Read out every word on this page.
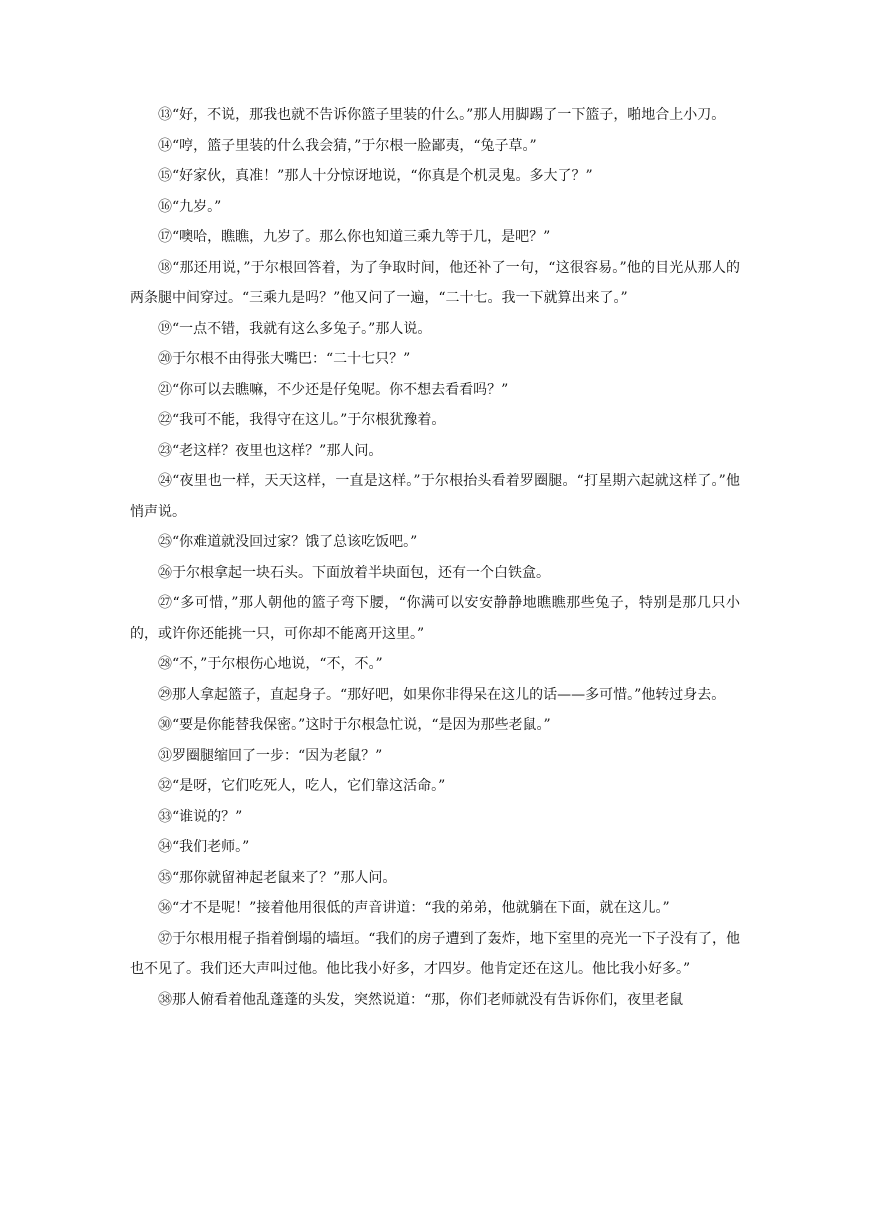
⑬“好，不说，那我也就不告诉你篮子里装的什么。”那人用脚踢了一下篮子，啪地合上小刀。

⑭“哼，篮子里装的什么我会猜，”于尔根一脸鄙夷，“兔子草。”

⑮“好家伙，真准！”那人十分惊讶地说，“你真是个机灵鬼。多大了？”

⑯“九岁。”

⑰“噢哈，瞧瞧，九岁了。那么你也知道三乘九等于几，是吧？”

⑱“那还用说，”于尔根回答着，为了争取时间，他还补了一句，“这很容易。”他的目光从那人的两条腿中间穿过。“三乘九是吗？”他又问了一遍，“二十七。我一下就算出来了。”

⑲“一点不错，我就有这么多兔子。”那人说。

⑳于尔根不由得张大嘴巴：“二十七只？”

㉑“你可以去瞧嘛，不少还是仔兔呢。你不想去看看吗？”

㉒“我可不能，我得守在这儿。”于尔根犹豫着。

㉓“老这样？夜里也这样？”那人问。

㉔“夜里也一样，天天这样，一直是这样。”于尔根抬头看着罗圈腿。“打星期六起就这样了。”他悄声说。

㉕“你难道就没回过家？饿了总该吃饭吧。”

㉖于尔根拿起一块石头。下面放着半块面包，还有一个白铁盒。

㉗“多可惜，”那人朝他的篮子弯下腰，“你满可以安安静静地瞧瞧那些兔子，特别是那几只小的，或许你还能挑一只，可你却不能离开这里。”

㉘“不，”于尔根伤心地说，“不，不。”

㉙那人拿起篮子，直起身子。“那好吧，如果你非得呆在这儿的话——多可惜。”他转过身去。

㉚“要是你能替我保密。”这时于尔根急忙说，“是因为那些老鼠。”

㉛罗圈腿缩回了一步：“因为老鼠？”

㉜“是呀，它们吃死人，吃人，它们靠这活命。”

㉝“谁说的？”

㉞“我们老师。”

㉟“那你就留神起老鼠来了？”那人问。

㊱“才不是呢！”接着他用很低的声音讲道：“我的弟弟，他就躺在下面，就在这儿。”

㊲于尔根用棍子指着倒塌的墙垣。“我们的房子遭到了轰炸，地下室里的亮光一下子没有了，他也不见了。我们还大声叫过他。他比我小好多，才四岁。他肯定还在这儿。他比我小好多。”

㊳那人俯看着他乱蓬蓬的头发，突然说道：“那，你们老师就没有告诉你们，夜里老鼠
